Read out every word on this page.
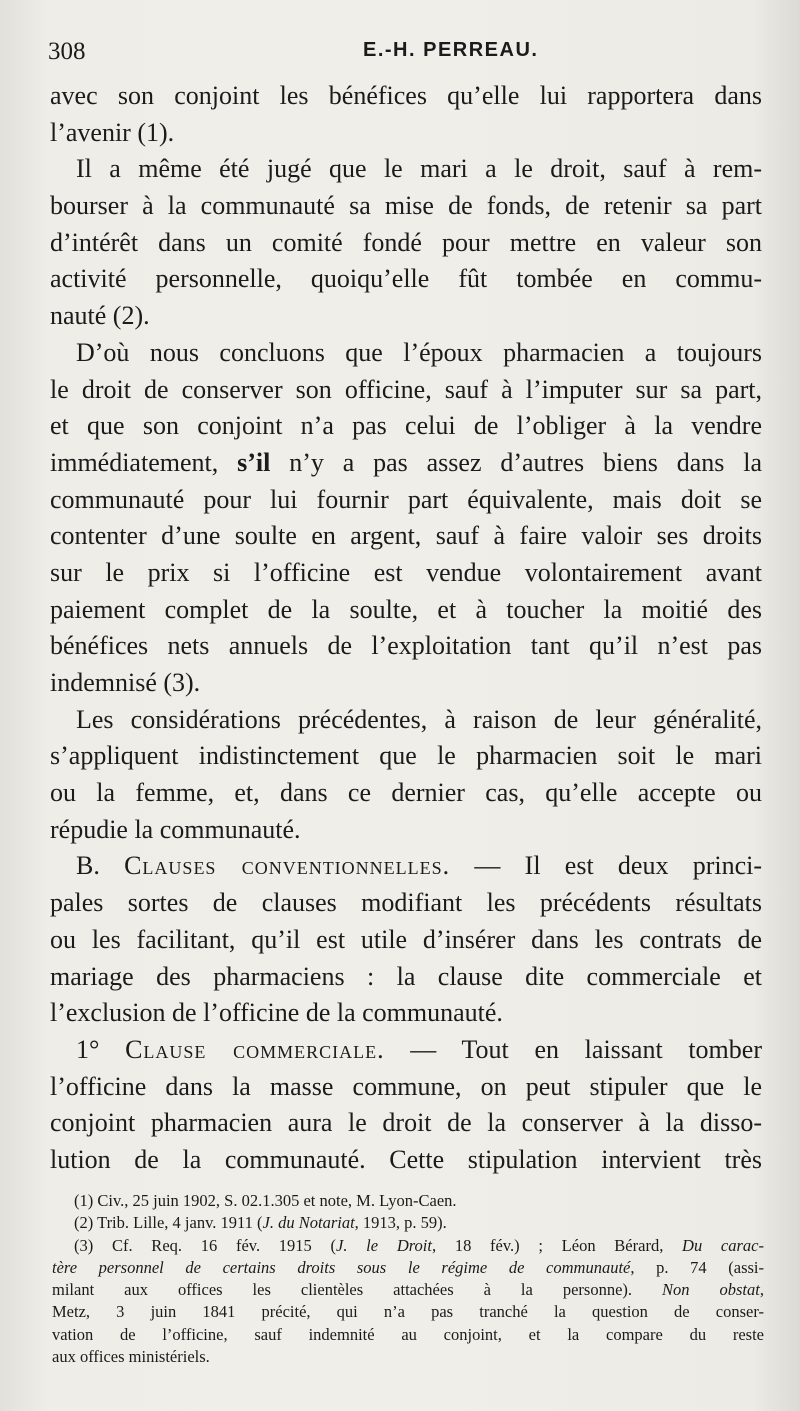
308	E.-H. PERREAU.
avec son conjoint les bénéfices qu’elle lui rapportera dans
l’avenir (1).
Il a même été jugé que le mari a le droit, sauf à rem-
bourser à la communauté sa mise de fonds, de retenir sa part
d’intérêt dans un comité fondé pour mettre en valeur son
activité personnelle, quoiqu’elle fût tombée en commu-
nauté (2).
D’où nous concluons que l’époux pharmacien a toujours
le droit de conserver son officine, sauf à l’imputer sur sa part,
et que son conjoint n’a pas celui de l’obliger à la vendre
immédiatement, s’il n’y a pas assez d’autres biens dans la
communauté pour lui fournir part équivalente, mais doit se
contenter d’une soulte en argent, sauf à faire valoir ses droits
sur le prix si l’officine est vendue volontairement avant
paiement complet de la soulte, et à toucher la moitié des
bénéfices nets annuels de l’exploitation tant qu’il n’est pas
indemnisé (3).
Les considérations précédentes, à raison de leur généralité,
s’appliquent indistinctement que le pharmacien soit le mari
ou la femme, et, dans ce dernier cas, qu’elle accepte ou
répudie la communauté.
B. Clauses conventionnelles. — Il est deux princi-
pales sortes de clauses modifiant les précédents résultats
ou les facilitant, qu’il est utile d’insérer dans les contrats de
mariage des pharmaciens : la clause dite commerciale et
l’exclusion de l’officine de la communauté.
1° Clause commerciale. — Tout en laissant tomber
l’officine dans la masse commune, on peut stipuler que le
conjoint pharmacien aura le droit de la conserver à la disso-
lution de la communauté. Cette stipulation intervient très
(1) Civ., 25 juin 1902, S. 02.1.305 et note, M. Lyon-Caen.
(2) Trib. Lille, 4 janv. 1911 (J. du Notariat, 1913, p. 59).
(3) Cf. Req. 16 fév. 1915 (J. le Droit, 18 fév.) ; Léon Bérard, Du carac-
tère personnel de certains droits sous le régime de communauté, p. 74 (assi-
milant aux offices les clientèles attachées à la personne). Non obstat,
Metz, 3 juin 1841 précité, qui n’a pas tranché la question de conser-
vation de l’officine, sauf indemnité au conjoint, et la compare du reste
aux offices ministériels.
